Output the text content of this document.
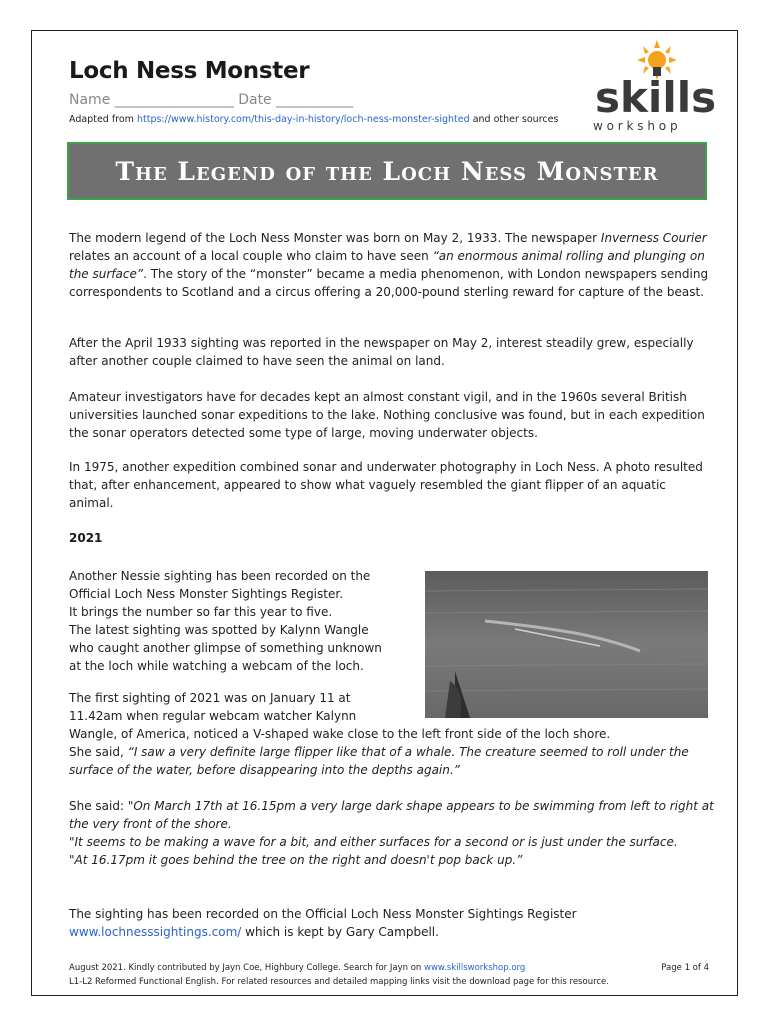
Loch Ness Monster
Name _________________ Date ___________
Adapted from https://www.history.com/this-day-in-history/loch-ness-monster-sighted and other sources skills
w o r k s h o p
The Legend of the Loch Ness Monster

The modern legend of the Loch Ness Monster was born on May 2, 1933. The newspaper Inverness Courier relates an account of a local couple who claim to have seen “an enormous animal rolling and plunging on the surface”. The story of the “monster” became a media phenomenon, with London newspapers sending correspondents to Scotland and a circus offering a 20,000-pound sterling reward for capture of the beast.

After the April 1933 sighting was reported in the newspaper on May 2, interest steadily grew, especially after another couple claimed to have seen the animal on land.

Amateur investigators have for decades kept an almost constant vigil, and in the 1960s several British universities launched sonar expeditions to the lake. Nothing conclusive was found, but in each expedition the sonar operators detected some type of large, moving underwater objects.

In 1975, another expedition combined sonar and underwater photography in Loch Ness. A photo resulted that, after enhancement, appeared to show what vaguely resembled the giant flipper of an aquatic animal.

2021
Another Nessie sighting has been recorded on the
Official Loch Ness Monster Sightings Register.
It brings the number so far this year to five.
The latest sighting was spotted by Kalynn Wangle
who caught another glimpse of something unknown
at the loch while watching a webcam of the loch.
The first sighting of 2021 was on January 11 at
11.42am when regular webcam watcher Kalynn
Wangle, of America, noticed a V-shaped wake close to the left front side of the loch shore.

She said, “I saw a very definite large flipper like that of a whale. The creature seemed to roll under the surface of the water, before disappearing into the depths again.”

She said: "On March 17th at 16.15pm a very large dark shape appears to be swimming from left to right at the very front of the shore.

"It seems to be making a wave for a bit, and either surfaces for a second or is just under the surface.

"At 16.17pm it goes behind the tree on the right and doesn't pop back up.”

The sighting has been recorded on the Official Loch Ness Monster Sightings Register

www.lochnesssightings.com/ which is kept by Gary Campbell.

August 2021. Kindly contributed by Jayn Coe, Highbury College. Search for Jayn on www.skillsworkshop.org	Page 1 of 4
L1-L2 Reformed Functional English. For related resources and detailed mapping links visit the download page for this resource.
